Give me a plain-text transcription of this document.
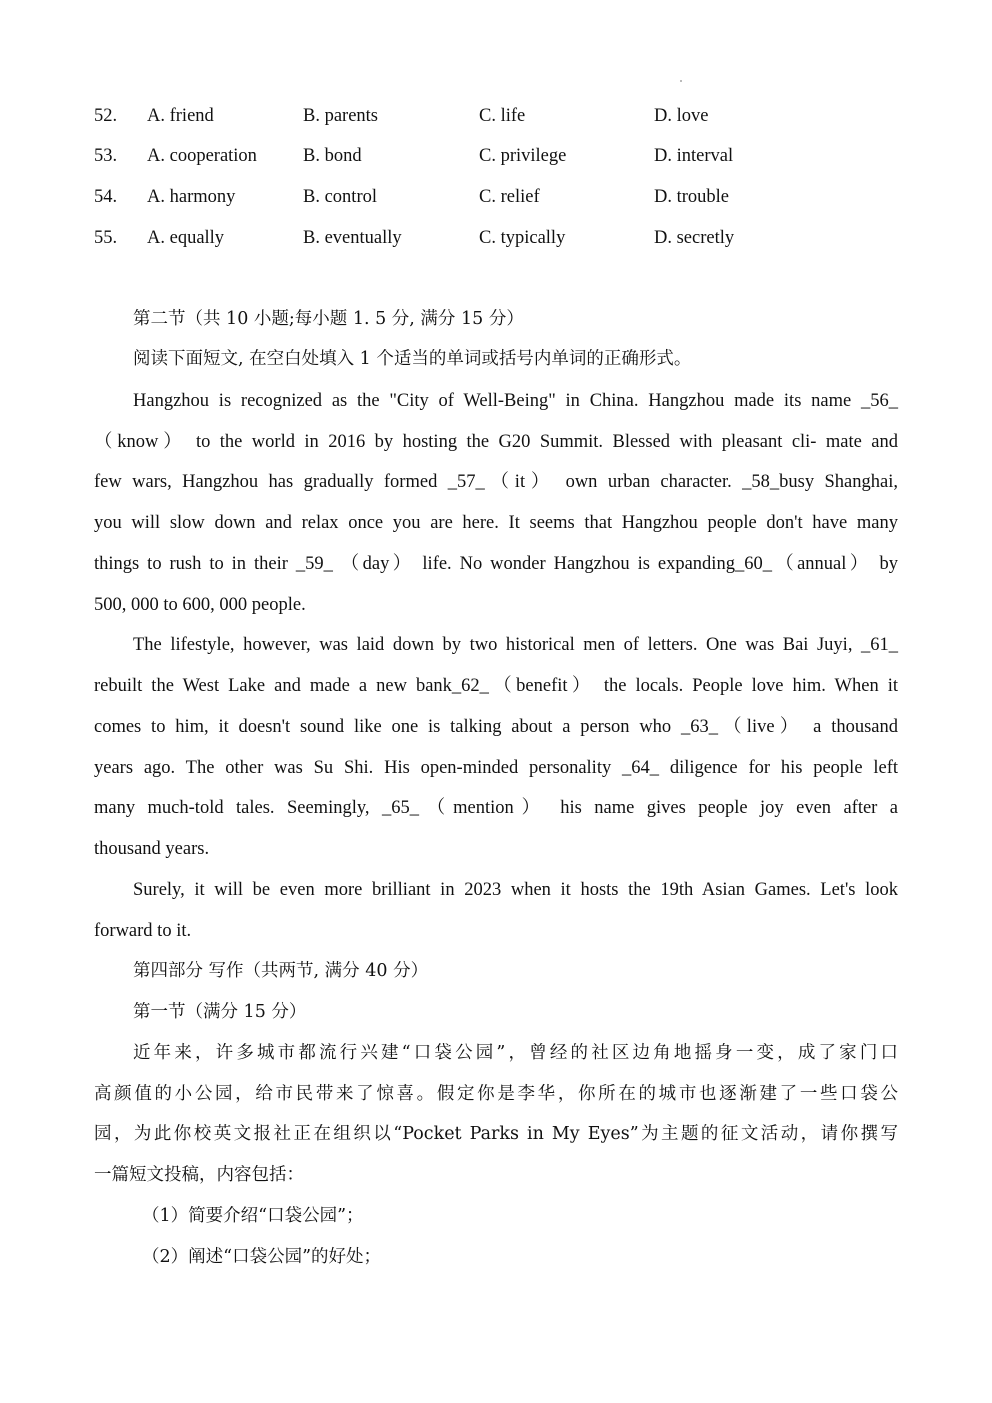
52. A. friend	B. parents	C. life	D. love
53. A. cooperation B. bond	C. privilege	D. interval
54. A. harmony	B. control	C. relief	D. trouble
55. A. equally	B. eventually	C. typically	D. secretly
第二节（共 10 小题;每小题 1. 5 分, 满分 15 分）
阅读下面短文, 在空白处填入 1 个适当的单词或括号内单词的正确形式。
Hangzhou is recognized as the "City of Well-Being" in China. Hangzhou made its name _56_
（know） to the world in 2016 by hosting the G20 Summit. Blessed with pleasant cli- mate and
few wars, Hangzhou has gradually formed _57_（it） own urban character. _58_busy Shanghai,
you will slow down and relax once you are here. It seems that Hangzhou people don't have many
things to rush to in their _59_ （day） life. No wonder Hangzhou is expanding_60_（annual） by
500, 000 to 600, 000 people.
The lifestyle, however, was laid down by two historical men of letters. One was Bai Juyi, _61_
rebuilt the West Lake and made a new bank_62_（benefit） the locals. People love him. When it
comes to him, it doesn't sound like one is talking about a person who _63_（live） a thousand
years ago. The other was Su Shi. His open-minded personality _64_ diligence for his people left
many much-told tales. Seemingly, _65_（mention） his name gives people joy even after a
thousand years.
Surely, it will be even more brilliant in 2023 when it hosts the 19th Asian Games. Let's look
forward to it.
第四部分 写作（共两节, 满分 40 分）
第一节（满分 15 分）
近年来，许多城市都流行兴建“口袋公园”，曾经的社区边角地摇身一变，成了家门口
高颜值的小公园，给市民带来了惊喜。假定你是李华，你所在的城市也逐渐建了一些口袋公
园，为此你校英文报社正在组织以“Pocket Parks in My Eyes”为主题的征文活动，请你撰写
一篇短文投稿，内容包括：
（1）简要介绍“口袋公园”；
（2）阐述“口袋公园”的好处；
